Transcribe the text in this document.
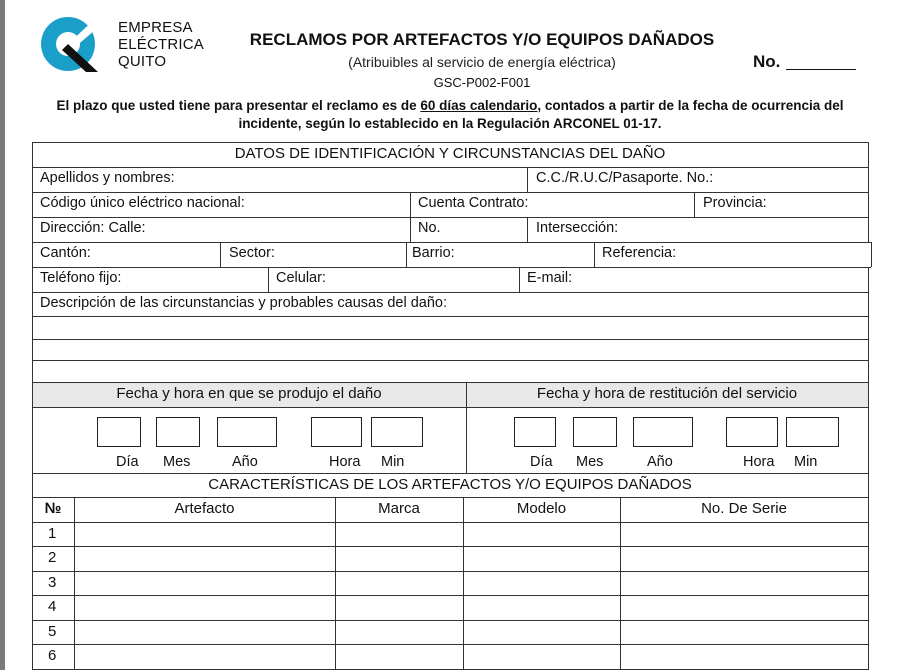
EMPRESA
ELÉCTRICA
QUITO
RECLAMOS POR ARTEFACTOS Y/O EQUIPOS DAÑADOS
(Atribuibles al servicio de energía eléctrica)
GSC-P002-F001
No.
El plazo que usted tiene para presentar el reclamo es de 60 días calendario, contados a partir de la fecha de ocurrencia del incidente, según lo establecido en la Regulación ARCONEL 01-17.
DATOS DE IDENTIFICACIÓN Y CIRCUNSTANCIAS DEL DAÑO
Apellidos y nombres:	C.C./R.U.C/Pasaporte. No.:
Código único eléctrico nacional:	Cuenta Contrato:	Provincia:
Dirección: Calle:	No.	Intersección:
Cantón:	Sector:	Barrio:	Referencia:
Teléfono fijo:	Celular:	E-mail:
Descripción de las circunstancias y probables causas del daño:
Fecha y hora en que se produjo el daño	Fecha y hora de restitución del servicio
Día Mes	Año	Hora Min	Día Mes	Año	Hora Min
CARACTERÍSTICAS DE LOS ARTEFACTOS Y/O EQUIPOS DAÑADOS
№	Artefacto	Marca	Modelo	No. De Serie
1
2
3
4
5
6
